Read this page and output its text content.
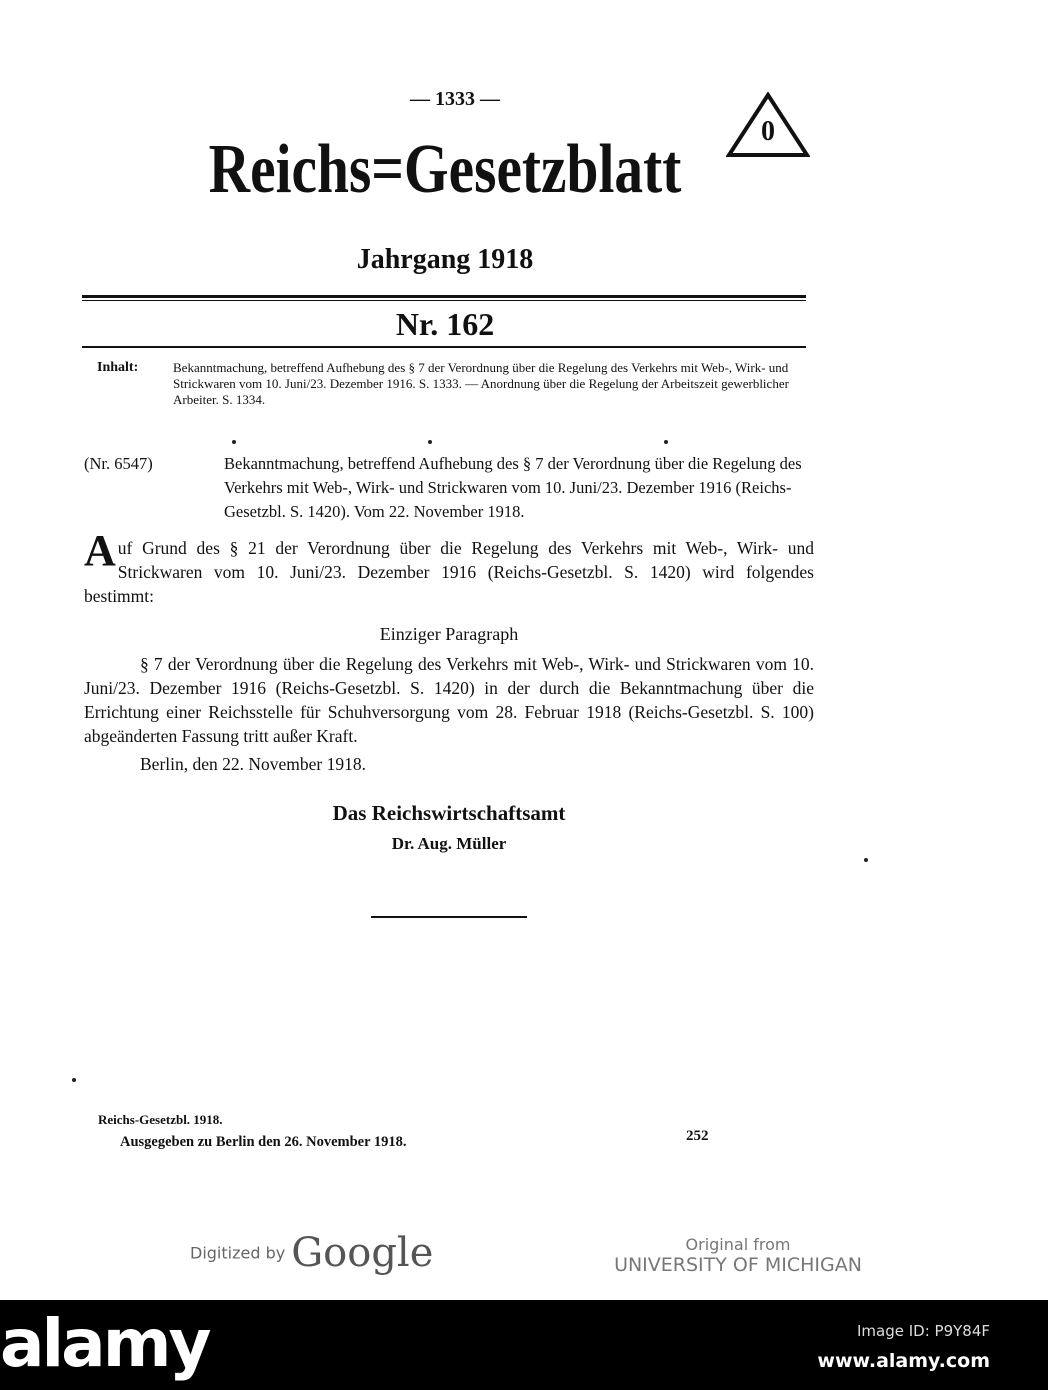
— 1333 —
Reichs=Gesetzblatt	0
Jahrgang 1918
Nr. 162
Inhalt:	Bekanntmachung, betreffend Aufhebung des § 7 der Verordnung über die Regelung des Verkehrs mit Web-, Wirk- und Strickwaren vom 10. Juni/23. Dezember 1916. S. 1333. — Anordnung über die Regelung der Arbeitszeit gewerblicher Arbeiter. S. 1334.
(Nr. 6547)	Bekanntmachung, betreffend Aufhebung des § 7 der Verordnung über die Regelung des Verkehrs mit Web-, Wirk- und Strickwaren vom 10. Juni/23. Dezember 1916 (Reichs-Gesetzbl. S. 1420). Vom 22. November 1918.
Auf Grund des § 21 der Verordnung über die Regelung des Verkehrs mit Web-, Wirk- und Strickwaren vom 10. Juni/23. Dezember 1916 (Reichs-Gesetzbl. S. 1420) wird folgendes bestimmt:
Einziger Paragraph
§ 7 der Verordnung über die Regelung des Verkehrs mit Web-, Wirk- und Strickwaren vom 10. Juni/23. Dezember 1916 (Reichs-Gesetzbl. S. 1420) in der durch die Bekanntmachung über die Errichtung einer Reichsstelle für Schuhversorgung vom 28. Februar 1918 (Reichs-Gesetzbl. S. 100) abgeänderten Fassung tritt außer Kraft.
Berlin, den 22. November 1918.
Das Reichswirtschaftsamt
Dr. Aug. Müller
Reichs-Gesetzbl. 1918.
Ausgegeben zu Berlin den 26. November 1918.	252
Digitized by Google	Original from
UNIVERSITY OF MICHIGAN
alamy	Image ID: P9Y84F
www.alamy.com
